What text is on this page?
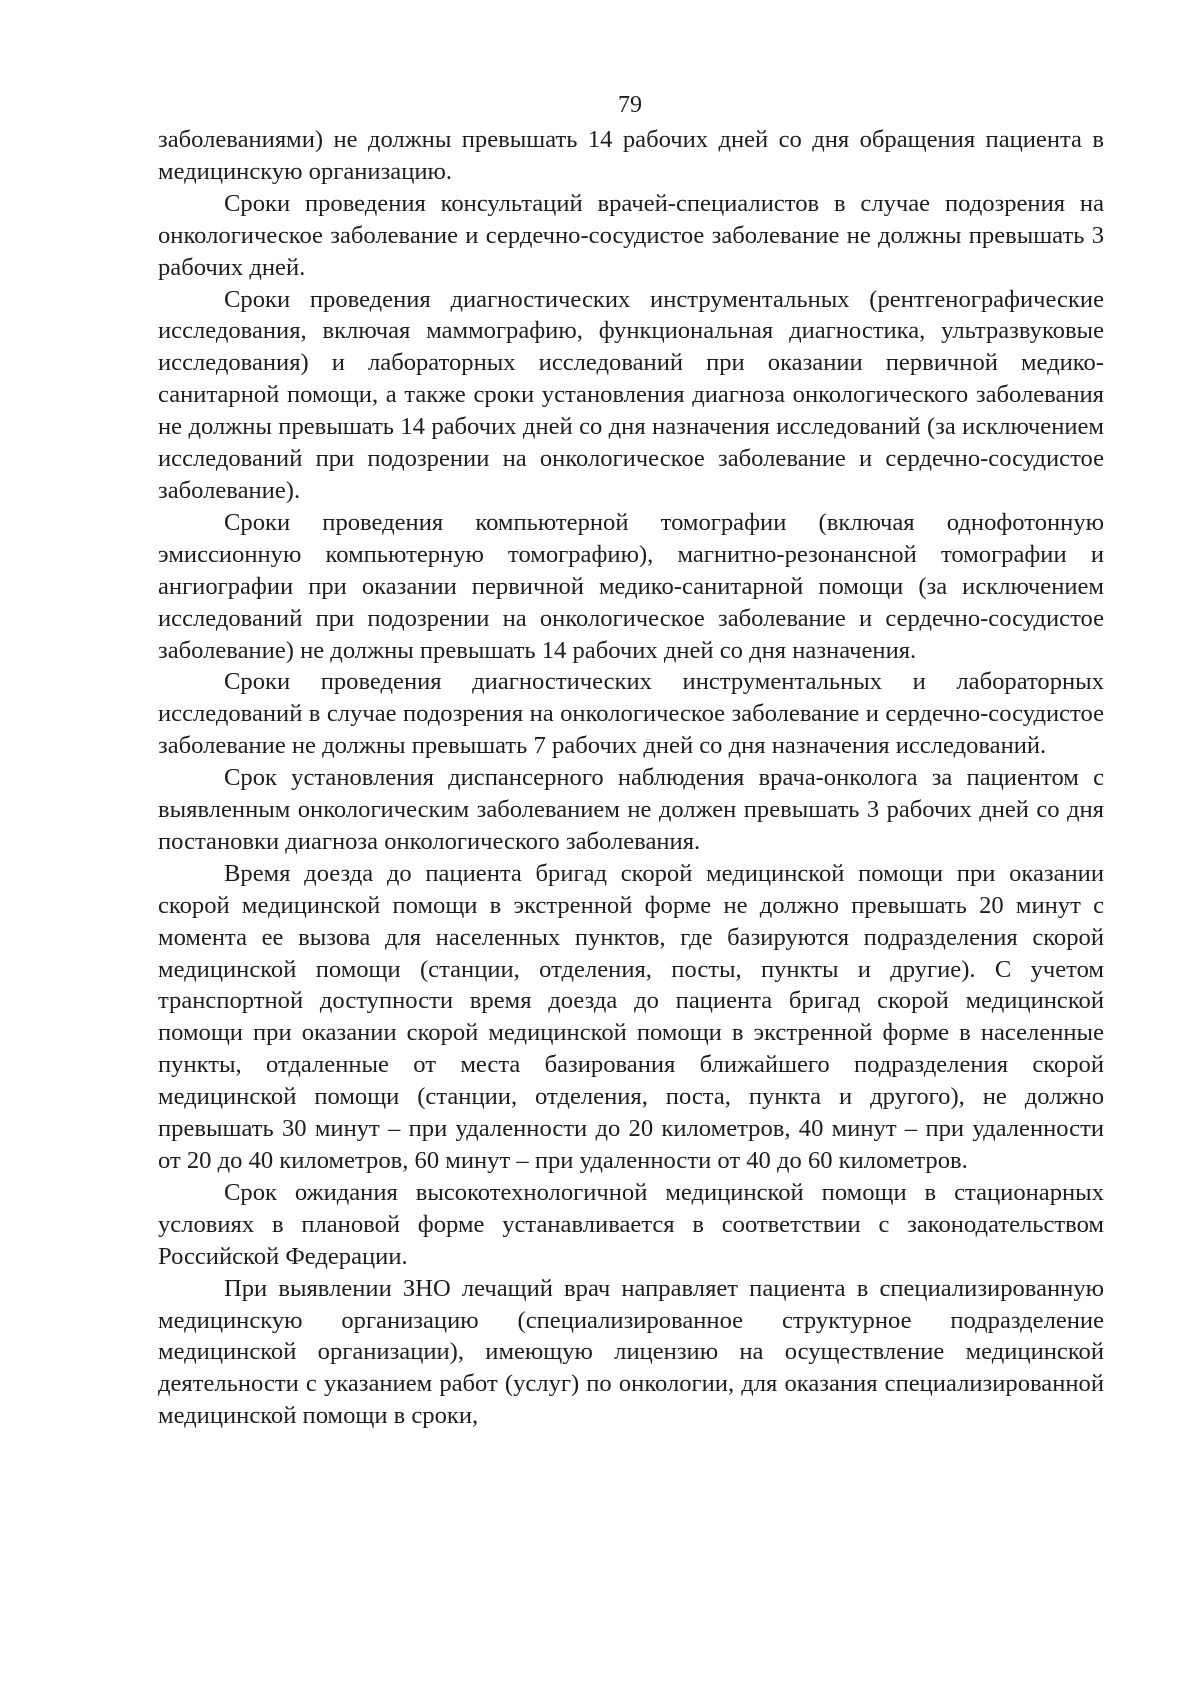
79

заболеваниями) не должны превышать 14 рабочих дней со дня обращения пациента в медицинскую организацию.

Сроки проведения консультаций врачей-специалистов в случае подозрения на онкологическое заболевание и сердечно-сосудистое заболевание не должны превышать 3 рабочих дней.

Сроки проведения диагностических инструментальных (рентгенографические исследования, включая маммографию, функциональная диагностика, ультразвуковые исследования) и лабораторных исследований при оказании первичной медико-санитарной помощи, а также сроки установления диагноза онкологического заболевания не должны превышать 14 рабочих дней со дня назначения исследований (за исключением исследований при подозрении на онкологическое заболевание и сердечно-сосудистое заболевание).

Сроки проведения компьютерной томографии (включая однофотонную эмиссионную компьютерную томографию), магнитно-резонансной томографии и ангиографии при оказании первичной медико-санитарной помощи (за исключением исследований при подозрении на онкологическое заболевание и сердечно-сосудистое заболевание) не должны превышать 14 рабочих дней со дня назначения.

Сроки проведения диагностических инструментальных и лабораторных исследований в случае подозрения на онкологическое заболевание и сердечно-сосудистое заболевание не должны превышать 7 рабочих дней со дня назначения исследований.

Срок установления диспансерного наблюдения врача-онколога за пациентом с выявленным онкологическим заболеванием не должен превышать 3 рабочих дней со дня постановки диагноза онкологического заболевания.

Время доезда до пациента бригад скорой медицинской помощи при оказании скорой медицинской помощи в экстренной форме не должно превышать 20 минут с момента ее вызова для населенных пунктов, где базируются подразделения скорой медицинской помощи (станции, отделения, посты, пункты и другие). С учетом транспортной доступности время доезда до пациента бригад скорой медицинской помощи при оказании скорой медицинской помощи в экстренной форме в населенные пункты, отдаленные от места базирования ближайшего подразделения скорой медицинской помощи (станции, отделения, поста, пункта и другого), не должно превышать 30 минут – при удаленности до 20 километров, 40 минут – при удаленности от 20 до 40 километров, 60 минут – при удаленности от 40 до 60 километров.

Срок ожидания высокотехнологичной медицинской помощи в стационарных условиях в плановой форме устанавливается в соответствии с законодательством Российской Федерации.

При выявлении ЗНО лечащий врач направляет пациента в специализированную медицинскую организацию (специализированное структурное подразделение медицинской организации), имеющую лицензию на осуществление медицинской деятельности с указанием работ (услуг) по онкологии, для оказания специализированной медицинской помощи в сроки,
